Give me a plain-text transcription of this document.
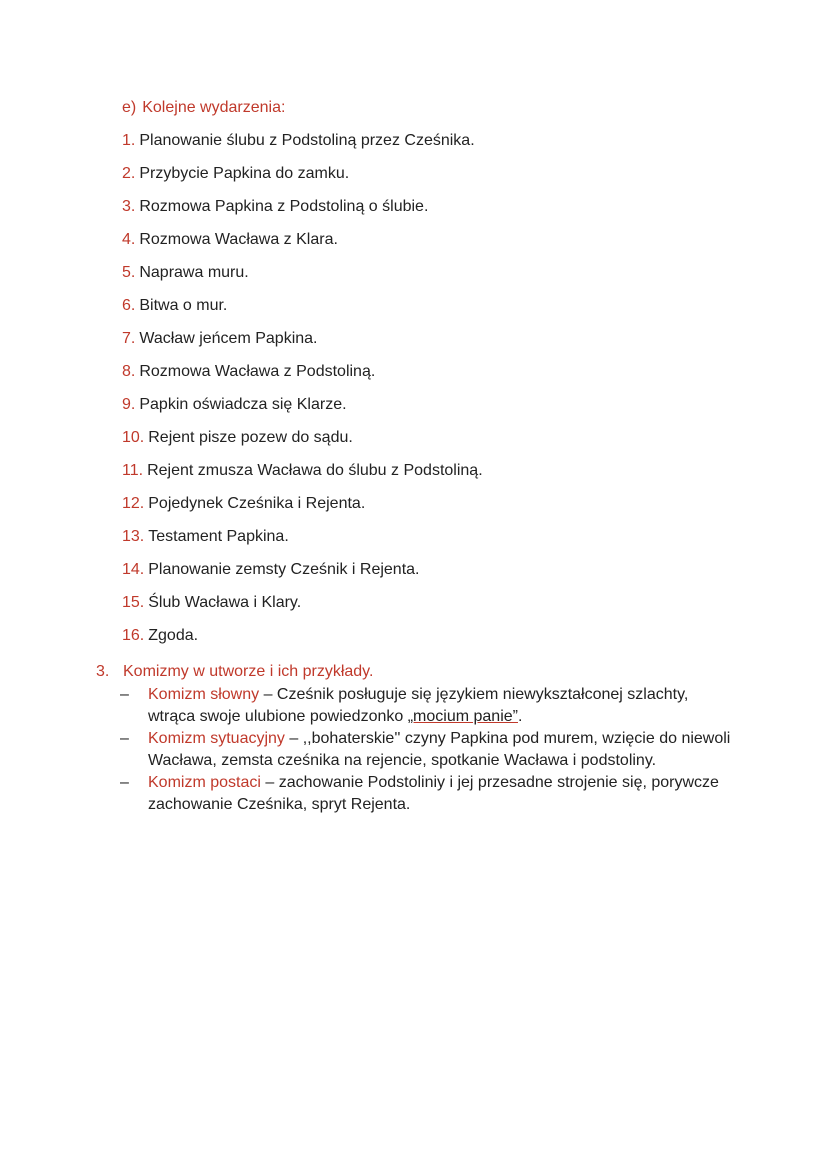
e) Kolejne wydarzenia:
1. Planowanie ślubu z Podstoliną przez Cześnika.
2. Przybycie Papkina do zamku.
3. Rozmowa Papkina z Podstoliną o ślubie.
4. Rozmowa Wacława z Klara.
5. Naprawa muru.
6. Bitwa o mur.
7. Wacław jeńcem Papkina.
8. Rozmowa Wacława z Podstoliną.
9. Papkin oświadcza się Klarze.
10. Rejent pisze pozew do sądu.
11. Rejent zmusza Wacława do ślubu z Podstoliną.
12. Pojedynek Cześnika i Rejenta.
13. Testament Papkina.
14. Planowanie zemsty Cześnik i Rejenta.
15. Ślub Wacława i Klary.
16. Zgoda.
3. Komizmy w utworze i ich przykłady.
– Komizm słowny – Cześnik posługuje się językiem niewykształconej szlachty, wtrąca swoje ulubione powiedzonko „mocium panie”.
– Komizm sytuacyjny – ,,bohaterskie'' czyny Papkina pod murem, wzięcie do niewoli Wacława, zemsta cześnika na rejencie, spotkanie Wacława i podstoliny.
– Komizm postaci – zachowanie Podstoliniy i jej przesadne strojenie się, porywcze zachowanie Cześnika, spryt Rejenta.
